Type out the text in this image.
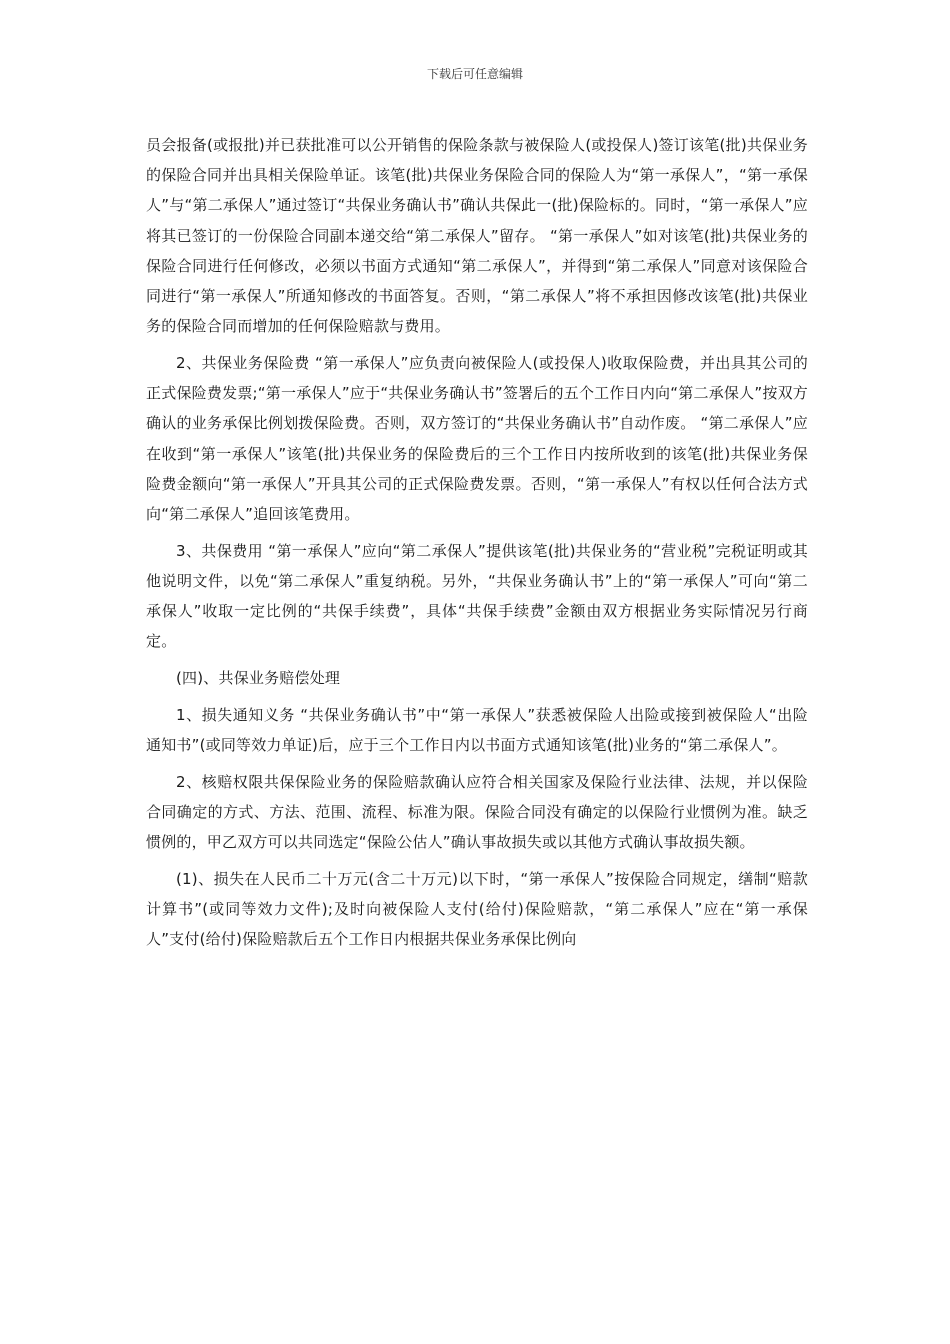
下载后可任意编辑

员会报备(或报批)并已获批准可以公开销售的保险条款与被保险人(或投保人)签订该笔(批)共保业务的保险合同并出具相关保险单证。该笔(批)共保业务保险合同的保险人为“第一承保人”，“第一承保人”与“第二承保人”通过签订“共保业务确认书”确认共保此一(批)保险标的。同时，“第一承保人”应将其已签订的一份保险合同副本递交给“第二承保人”留存。 “第一承保人”如对该笔(批)共保业务的保险合同进行任何修改，必须以书面方式通知“第二承保人”，并得到“第二承保人”同意对该保险合同进行“第一承保人”所通知修改的书面答复。否则，“第二承保人”将不承担因修改该笔(批)共保业务的保险合同而增加的任何保险赔款与费用。

2、共保业务保险费 “第一承保人”应负责向被保险人(或投保人)收取保险费，并出具其公司的正式保险费发票;“第一承保人”应于“共保业务确认书”签署后的五个工作日内向“第二承保人”按双方确认的业务承保比例划拨保险费。否则，双方签订的“共保业务确认书”自动作废。 “第二承保人”应在收到“第一承保人”该笔(批)共保业务的保险费后的三个工作日内按所收到的该笔(批)共保业务保险费金额向“第一承保人”开具其公司的正式保险费发票。否则，“第一承保人”有权以任何合法方式向“第二承保人”追回该笔费用。

3、共保费用 “第一承保人”应向“第二承保人”提供该笔(批)共保业务的“营业税”完税证明或其他说明文件，以免“第二承保人”重复纳税。另外，“共保业务确认书”上的“第一承保人”可向“第二承保人”收取一定比例的“共保手续费”，具体“共保手续费”金额由双方根据业务实际情况另行商定。

(四)、共保业务赔偿处理

1、损失通知义务 “共保业务确认书”中“第一承保人”获悉被保险人出险或接到被保险人“出险通知书”(或同等效力单证)后，应于三个工作日内以书面方式通知该笔(批)业务的“第二承保人”。

2、核赔权限共保保险业务的保险赔款确认应符合相关国家及保险行业法律、法规，并以保险合同确定的方式、方法、范围、流程、标准为限。保险合同没有确定的以保险行业惯例为准。缺乏惯例的，甲乙双方可以共同选定“保险公估人”确认事故损失或以其他方式确认事故损失额。

(1)、损失在人民币二十万元(含二十万元)以下时，“第一承保人”按保险合同规定，缮制“赔款计算书”(或同等效力文件);及时向被保险人支付(给付)保险赔款，“第二承保人”应在“第一承保人”支付(给付)保险赔款后五个工作日内根据共保业务承保比例向
